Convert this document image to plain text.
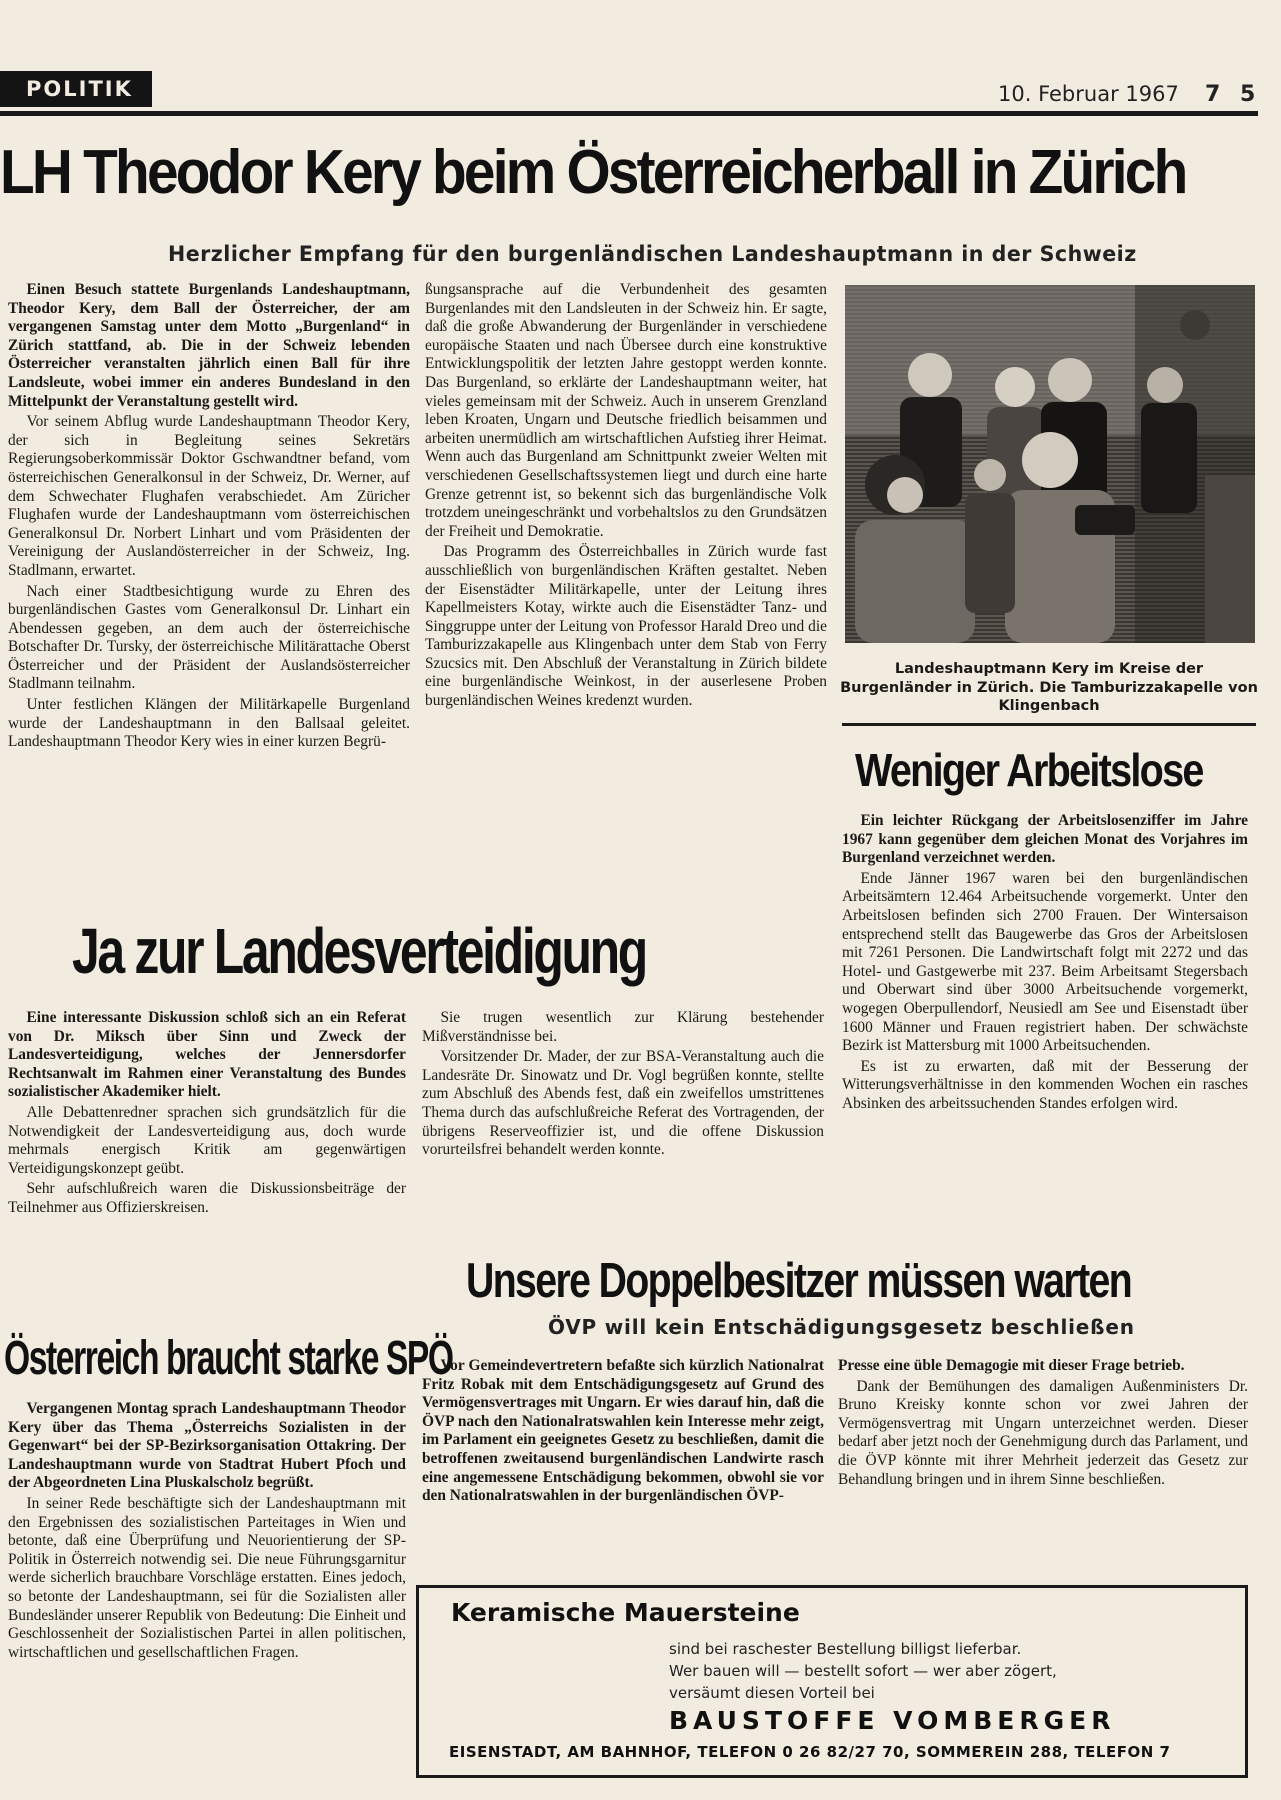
POLITIK	10. Februar 1967 7 5
LH Theodor Kery beim Österreicherball in Zürich
Herzlicher Empfang für den burgenländischen Landeshauptmann in der Schweiz

Einen Besuch stattete Burgenlands Landeshauptmann, Theodor Kery, dem Ball der Österreicher, der am vergangenen Samstag unter dem Motto „Burgenland“ in Zürich stattfand, ab. Die in der Schweiz lebenden Österreicher veranstalten jährlich einen Ball für ihre Landsleute, wobei immer ein anderes Bundesland in den Mittelpunkt der Veranstaltung gestellt wird.

Vor seinem Abflug wurde Landeshauptmann Theodor Kery, der sich in Begleitung seines Sekretärs Regierungsoberkommissär Doktor Gschwandtner befand, vom österreichischen Generalkonsul in der Schweiz, Dr. Werner, auf dem Schwechater Flughafen verabschiedet. Am Züricher Flughafen wurde der Landeshauptmann vom österreichischen Generalkonsul Dr. Norbert Linhart und vom Präsidenten der Vereinigung der Auslandösterreicher in der Schweiz, Ing. Stadlmann, erwartet.

Nach einer Stadtbesichtigung wurde zu Ehren des burgenländischen Gastes vom Generalkonsul Dr. Linhart ein Abendessen gegeben, an dem auch der österreichische Botschafter Dr. Tursky, der österreichische Militärattache Oberst Österreicher und der Präsident der Auslandsösterreicher Stadlmann teilnahm.

Unter festlichen Klängen der Militärkapelle Burgenland wurde der Landeshauptmann in den Ballsaal geleitet. Landeshauptmann Theodor Kery wies in einer kurzen Begrü-

ßungsansprache auf die Verbundenheit des gesamten Burgenlandes mit den Landsleuten in der Schweiz hin. Er sagte, daß die große Abwanderung der Burgenländer in verschiedene europäische Staaten und nach Übersee durch eine konstruktive Entwicklungspolitik der letzten Jahre gestoppt werden konnte. Das Burgenland, so erklärte der Landeshauptmann weiter, hat vieles gemeinsam mit der Schweiz. Auch in unserem Grenzland leben Kroaten, Ungarn und Deutsche friedlich beisammen und arbeiten unermüdlich am wirtschaftlichen Aufstieg ihrer Heimat. Wenn auch das Burgenland am Schnittpunkt zweier Welten mit verschiedenen Gesellschaftssystemen liegt und durch eine harte Grenze getrennt ist, so bekennt sich das burgenländische Volk trotzdem uneingeschränkt und vorbehaltslos zu den Grundsätzen der Freiheit und Demokratie.

Das Programm des Österreichballes in Zürich wurde fast ausschließlich von burgenländischen Kräften gestaltet. Neben der Eisenstädter Militärkapelle, unter der Leitung ihres Kapellmeisters Kotay, wirkte auch die Eisenstädter Tanz- und Singgruppe unter der Leitung von Professor Harald Dreo und die Tamburizzakapelle aus Klingenbach unter dem Stab von Ferry Szucsics mit. Den Abschluß der Veranstaltung in Zürich bildete eine burgenländische Weinkost, in der auserlesene Proben burgenländischen Weines kredenzt wurden.

Landeshauptmann Kery im Kreise der Burgenländer in Zürich. Die Tamburizzakapelle von Klingenbach

Weniger Arbeitslose

Ein leichter Rückgang der Arbeitslosenziffer im Jahre 1967 kann gegenüber dem gleichen Monat des Vorjahres im Burgenland verzeichnet werden.

Ende Jänner 1967 waren bei den burgenländischen Arbeitsämtern 12.464 Arbeitsuchende vorgemerkt. Unter den Arbeitslosen befinden sich 2700 Frauen. Der Wintersaison entsprechend stellt das Baugewerbe das Gros der Arbeitslosen mit 7261 Personen. Die Landwirtschaft folgt mit 2272 und das Hotel- und Gastgewerbe mit 237. Beim Arbeitsamt Stegersbach und Oberwart sind über 3000 Arbeitsuchende vorgemerkt, wogegen Oberpullendorf, Neusiedl am See und Eisenstadt über 1600 Männer und Frauen registriert haben. Der schwächste Bezirk ist Mattersburg mit 1000 Arbeitsuchenden.

Es ist zu erwarten, daß mit der Besserung der Witterungsverhältnisse in den kommenden Wochen ein rasches Absinken des arbeitssuchenden Standes erfolgen wird.

Ja zur Landesverteidigung

Eine interessante Diskussion schloß sich an ein Referat von Dr. Miksch über Sinn und Zweck der Landesverteidigung, welches der Jennersdorfer Rechtsanwalt im Rahmen einer Veranstaltung des Bundes sozialistischer Akademiker hielt.

Alle Debattenredner sprachen sich grundsätzlich für die Notwendigkeit der Landesverteidigung aus, doch wurde mehrmals energisch Kritik am gegenwärtigen Verteidigungskonzept geübt.

Sehr aufschlußreich waren die Diskussionsbeiträge der Teilnehmer aus Offizierskreisen.

Sie trugen wesentlich zur Klärung bestehender Mißverständnisse bei.

Vorsitzender Dr. Mader, der zur BSA-Veranstaltung auch die Landesräte Dr. Sinowatz und Dr. Vogl begrüßen konnte, stellte zum Abschluß des Abends fest, daß ein zweifellos umstrittenes Thema durch das aufschlußreiche Referat des Vortragenden, der übrigens Reserveoffizier ist, und die offene Diskussion vorurteilsfrei behandelt werden konnte.

Unsere Doppelbesitzer müssen warten
ÖVP will kein Entschädigungsgesetz beschließen

Vor Gemeindevertretern befaßte sich kürzlich Nationalrat Fritz Robak mit dem Entschädigungsgesetz auf Grund des Vermögensvertrages mit Ungarn. Er wies darauf hin, daß die ÖVP nach den Nationalratswahlen kein Interesse mehr zeigt, im Parlament ein geeignetes Gesetz zu beschließen, damit die betroffenen zweitausend burgenländischen Landwirte rasch eine angemessene Entschädigung bekommen, obwohl sie vor den Nationalratswahlen in der burgenländischen ÖVP-

Presse eine üble Demagogie mit dieser Frage betrieb.

Dank der Bemühungen des damaligen Außenministers Dr. Bruno Kreisky konnte schon vor zwei Jahren der Vermögensvertrag mit Ungarn unterzeichnet werden. Dieser bedarf aber jetzt noch der Genehmigung durch das Parlament, und die ÖVP könnte mit ihrer Mehrheit jederzeit das Gesetz zur Behandlung bringen und in ihrem Sinne beschließen.

Österreich braucht starke SPÖ

Vergangenen Montag sprach Landeshauptmann Theodor Kery über das Thema „Österreichs Sozialisten in der Gegenwart“ bei der SP-Bezirksorganisation Ottakring. Der Landeshauptmann wurde von Stadtrat Hubert Pfoch und der Abgeordneten Lina Pluskalscholz begrüßt.

In seiner Rede beschäftigte sich der Landeshauptmann mit den Ergebnissen des sozialistischen Parteitages in Wien und betonte, daß eine Überprüfung und Neuorientierung der SP-Politik in Österreich notwendig sei. Die neue Führungsgarnitur werde sicherlich brauchbare Vorschläge erstatten. Eines jedoch, so betonte der Landeshauptmann, sei für die Sozialisten aller Bundesländer unserer Republik von Bedeutung: Die Einheit und Geschlossenheit der Sozialistischen Partei in allen politischen, wirtschaftlichen und gesellschaftlichen Fragen.

Keramische Mauersteine
sind bei raschester Bestellung billigst lieferbar.
Wer bauen will — bestellt sofort — wer aber zögert,
versäumt diesen Vorteil bei
BAUSTOFFE VOMBERGER
EISENSTADT, AM BAHNHOF, TELEFON 0 26 82/27 70, SOMMEREIN 288, TELEFON 7
